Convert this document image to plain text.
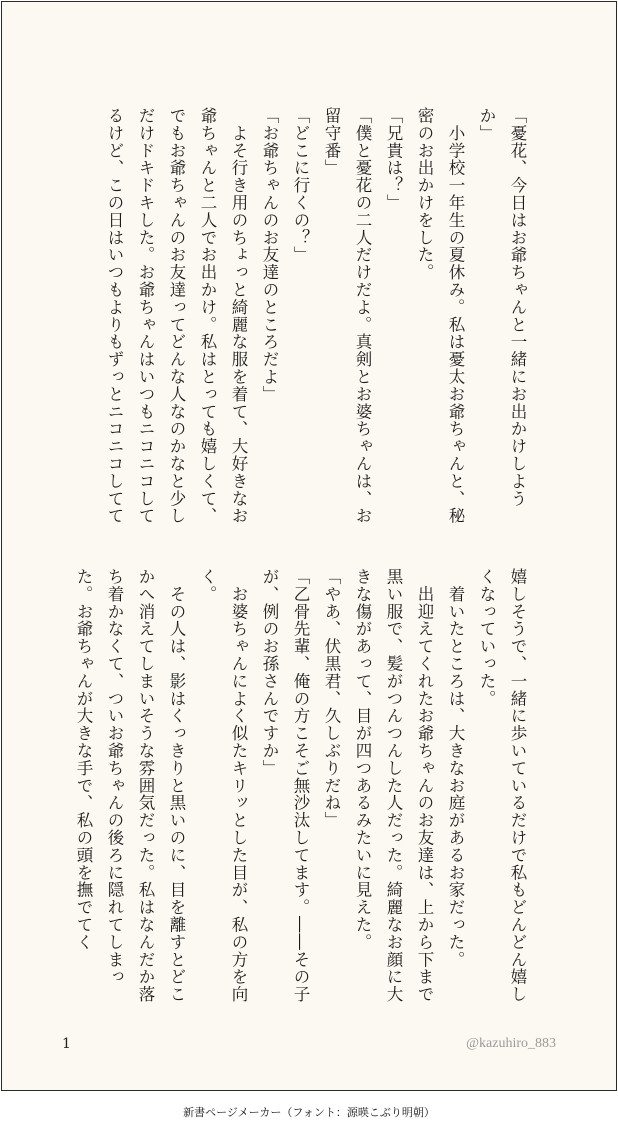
「憂花、今日はお爺ちゃんと一緒にお出かけしようか」

　小学校一年生の夏休み。私は憂太お爺ちゃんと、秘密のお出かけをした。

「兄貴は？」

「僕と憂花の二人だけだよ。真剣とお婆ちゃんは、お留守番」

「どこに行くの？」

「お爺ちゃんのお友達のところだよ」

　よそ行き用のちょっと綺麗な服を着て、大好きなお爺ちゃんと二人でお出かけ。私はとっても嬉しくて、でもお爺ちゃんのお友達ってどんな人なのかなと少しだけドキドキした。お爺ちゃんはいつもニコニコしてるけど、この日はいつもよりもずっとニコニコしてて

嬉しそうで、一緒に歩いているだけで私もどんどん嬉しくなっていった。

　着いたところは、大きなお庭があるお家だった。

　出迎えてくれたお爺ちゃんのお友達は、上から下まで黒い服で、髪がつんつんした人だった。綺麗なお顔に大きな傷があって、目が四つあるみたいに見えた。

「やあ、伏黒君、久しぶりだね」

「乙骨先輩、俺の方こそご無沙汰してます。――その子が、例のお孫さんですか」

　お婆ちゃんによく似たキリッとした目が、私の方を向く。

　その人は、影はくっきりと黒いのに、目を離すとどこかへ消えてしまいそうな雰囲気だった。私はなんだか落ち着かなくて、ついお爺ちゃんの後ろに隠れてしまった。お爺ちゃんが大きな手で、私の頭を撫でてく

1	@kazuhiro_883
新書ページメーカー（フォント：源暎こぶり明朝）
